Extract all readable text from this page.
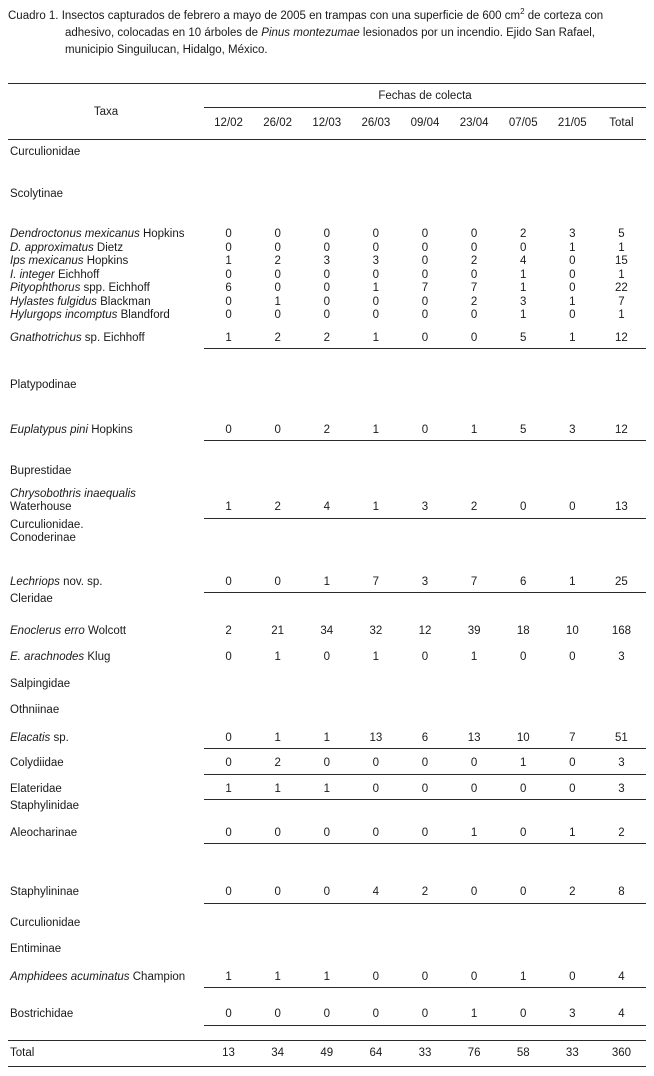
Cuadro 1. Insectos capturados de febrero a mayo de 2005 en trampas con una superficie de 600 $cm^2$ de corteza con adhesivo, colocadas en 10 árboles de Pinus montezumae lesionados por un incendio. Ejido San Rafael, municipio Singuilucan, Hidalgo, México.
Taxa
Fechas de colecta
12/02	26/02	12/03	26/03	09/04	23/04	07/05	21/05	Total
Curculionidae
Scolytinae
Dendroctonus mexicanus Hopkins	0	0	0	0	0	0	2	3	5
D. approximatus Dietz	0	0	0	0	0	0	0	1	1
Ips mexicanus Hopkins	1	2	3	3	0	2	4	0	15
I. integer Eichhoff	0	0	0	0	0	0	1	0	1
Pityophthorus spp. Eichhoff	6	0	0	1	7	7	1	0	22
Hylastes fulgidus Blackman	0	1	0	0	0	2	3	1	7
Hylurgops incomptus Blandford	0	0	0	0	0	0	1	0	1
Gnathotrichus sp. Eichhoff	1	2	2	1	0	0	5	1	12
Platypodinae
Euplatypus pini Hopkins	0	0	2	1	0	1	5	3	12
Buprestidae
Chrysobothris inaequalis
Waterhouse	1	2	4	1	3	2	0	0	13
Curculionidae.
Conoderinae
Lechriops nov. sp.	0	0	1	7	3	7	6	1	25
Cleridae
Enoclerus erro Wolcott	2	21	34	32	12	39	18	10	168
E. arachnodes Klug	0	1	0	1	0	1	0	0	3
Salpingidae
Othniinae
Elacatis sp.	0	1	1	13	6	13	10	7	51
Colydiidae	0	2	0	0	0	0	1	0	3
Elateridae	1	1	1	0	0	0	0	0	3
Staphylinidae
Aleocharinae	0	0	0	0	0	1	0	1	2
Staphylininae	0	0	0	4	2	0	0	2	8
Curculionidae
Entiminae
Amphidees acuminatus Champion	1	1	1	0	0	0	1	0	4
Bostrichidae	0	0	0	0	0	1	0	3	4
Total	13	34	49	64	33	76	58	33	360
